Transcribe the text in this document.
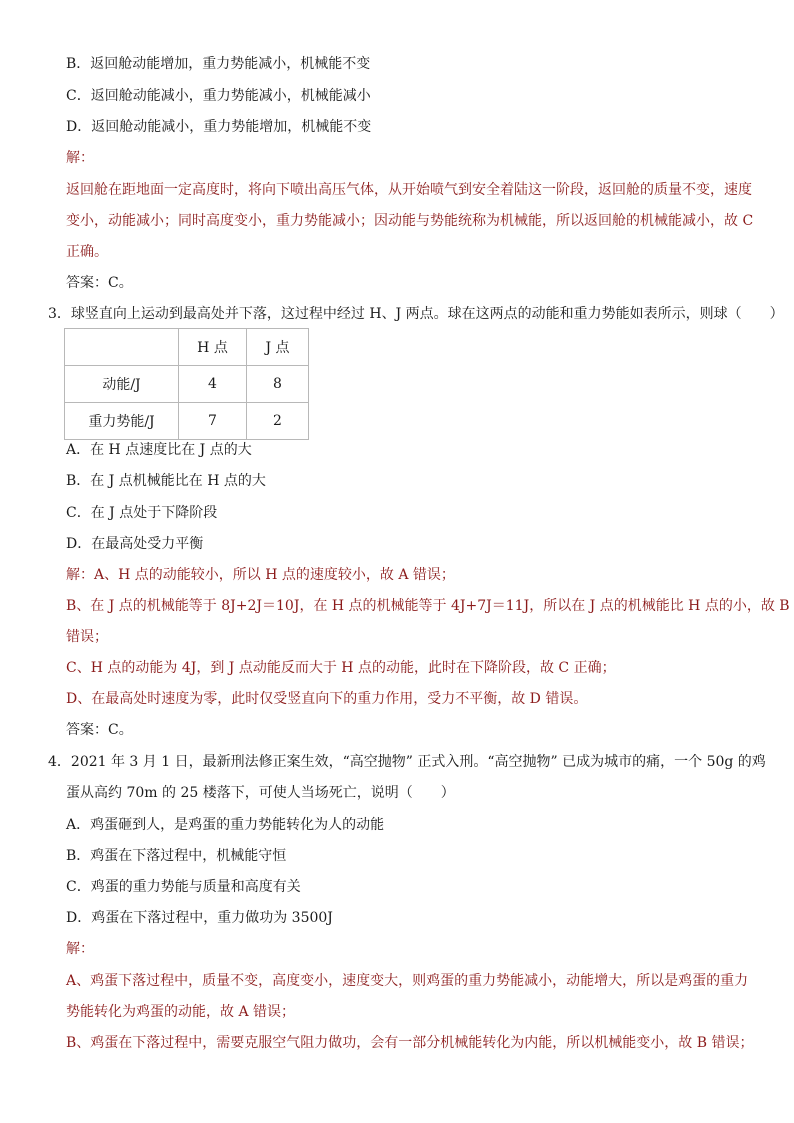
B．返回舱动能增加，重力势能减小，机械能不变
C．返回舱动能减小，重力势能减小，机械能减小
D．返回舱动能减小，重力势能增加，机械能不变
解：
返回舱在距地面一定高度时，将向下喷出高压气体，从开始喷气到安全着陆这一阶段，返回舱的质量不变，速度
变小，动能减小；同时高度变小，重力势能减小；因动能与势能统称为机械能，所以返回舱的机械能减小，故 C
正确。
答案：C。
3．球竖直向上运动到最高处并下落，这过程中经过 H、J 两点。球在这两点的动能和重力势能如表所示，则球（　　）
	H 点	J 点
动能/J	4	8
重力势能/J	7	2
A．在 H 点速度比在 J 点的大
B．在 J 点机械能比在 H 点的大
C．在 J 点处于下降阶段
D．在最高处受力平衡
解：A、H 点的动能较小，所以 H 点的速度较小，故 A 错误；
B、在 J 点的机械能等于 8J+2J＝10J，在 H 点的机械能等于 4J+7J＝11J，所以在 J 点的机械能比 H 点的小，故 B
错误；
C、H 点的动能为 4J，到 J 点动能反而大于 H 点的动能，此时在下降阶段，故 C 正确；
D、在最高处时速度为零，此时仅受竖直向下的重力作用，受力不平衡，故 D 错误。
答案：C。
4．2021 年 3 月 1 日，最新刑法修正案生效，“高空抛物” 正式入刑。“高空抛物” 已成为城市的痛，一个 50g 的鸡
蛋从高约 70m 的 25 楼落下，可使人当场死亡，说明（　　）
A．鸡蛋砸到人，是鸡蛋的重力势能转化为人的动能
B．鸡蛋在下落过程中，机械能守恒
C．鸡蛋的重力势能与质量和高度有关
D．鸡蛋在下落过程中，重力做功为 3500J
解：
A、鸡蛋下落过程中，质量不变，高度变小，速度变大，则鸡蛋的重力势能减小，动能增大，所以是鸡蛋的重力
势能转化为鸡蛋的动能，故 A 错误；
B、鸡蛋在下落过程中，需要克服空气阻力做功，会有一部分机械能转化为内能，所以机械能变小，故 B 错误；
